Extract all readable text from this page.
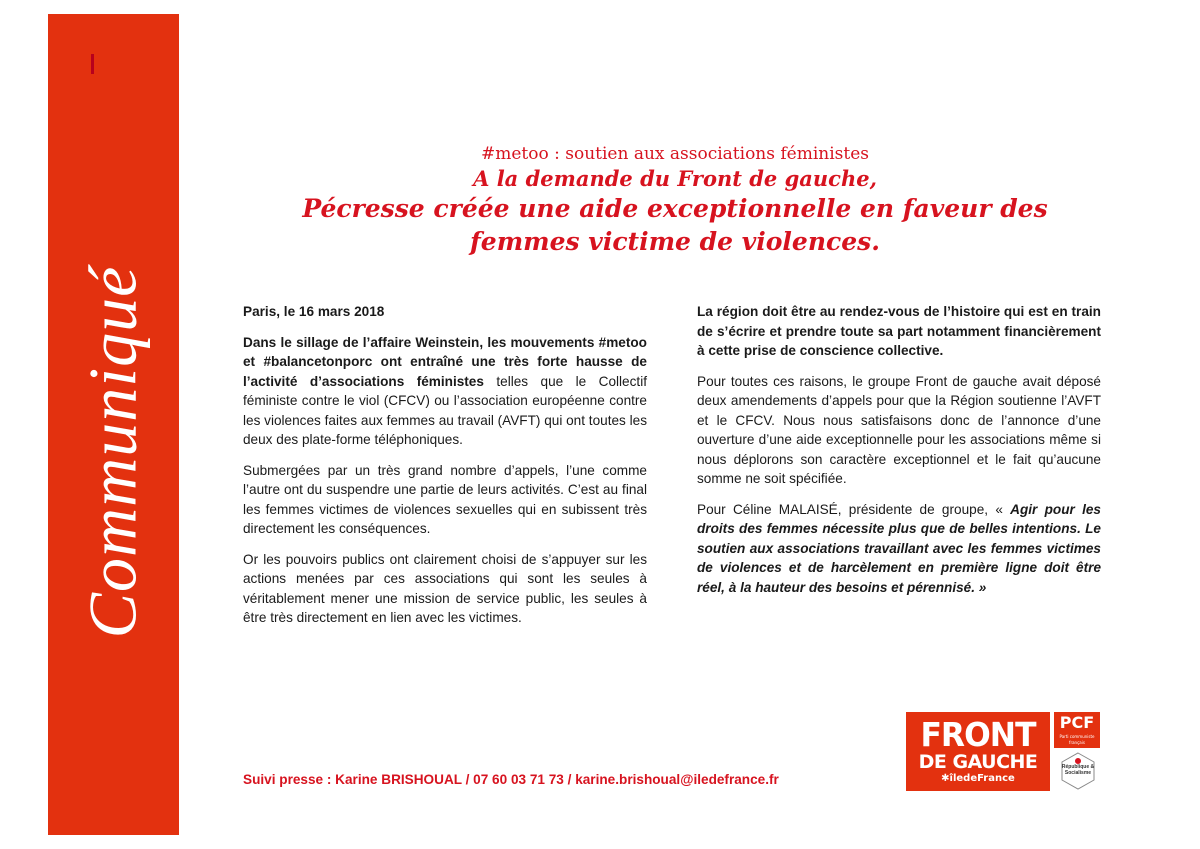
Communiqué
#metoo : soutien aux associations féministes
A la demande du Front de gauche,
Pécresse créée une aide exceptionnelle en faveur des
femmes victime de violences.

Paris, le 16 mars 2018

Dans le sillage de l’affaire Weinstein, les mouvements #metoo et #balancetonporc ont entraîné une très forte hausse de l’activité d’associations féministes telles que le Collectif féministe contre le viol (CFCV) ou l’association européenne contre les violences faites aux femmes au travail (AVFT) qui ont toutes les deux des plate-forme téléphoniques.

Submergées par un très grand nombre d’appels, l’une comme l’autre ont du suspendre une partie de leurs activités. C’est au final les femmes victimes de violences sexuelles qui en subissent très directement les conséquences.

Or les pouvoirs publics ont clairement choisi de s’appuyer sur les actions menées par ces associations qui sont les seules à véritablement mener une mission de service public, les seules à être très directement en lien avec les victimes.

La région doit être au rendez-vous de l’histoire qui est en train de s’écrire et prendre toute sa part notamment financièrement à cette prise de conscience collective.

Pour toutes ces raisons, le groupe Front de gauche avait déposé deux amendements d’appels pour que la Région soutienne l’AVFT et le CFCV. Nous nous satisfaisons donc de l’annonce d’une ouverture d’une aide exceptionnelle pour les associations même si nous déplorons son caractère exceptionnel et le fait qu’aucune somme ne soit spécifiée.

Pour Céline MALAISÉ, présidente de groupe, « Agir pour les droits des femmes nécessite plus que de belles intentions. Le soutien aux associations travaillant avec les femmes victimes de violences et de harcèlement en première ligne doit être réel, à la hauteur des besoins et pérennisé. »

Suivi presse : Karine BRISHOUAL / 07 60 03 71 73 / karine.brishoual@iledefrance.fr
FRONT
DE GAUCHE
✱îledeFrance
PCF
Parti communiste français
République & Socialisme
